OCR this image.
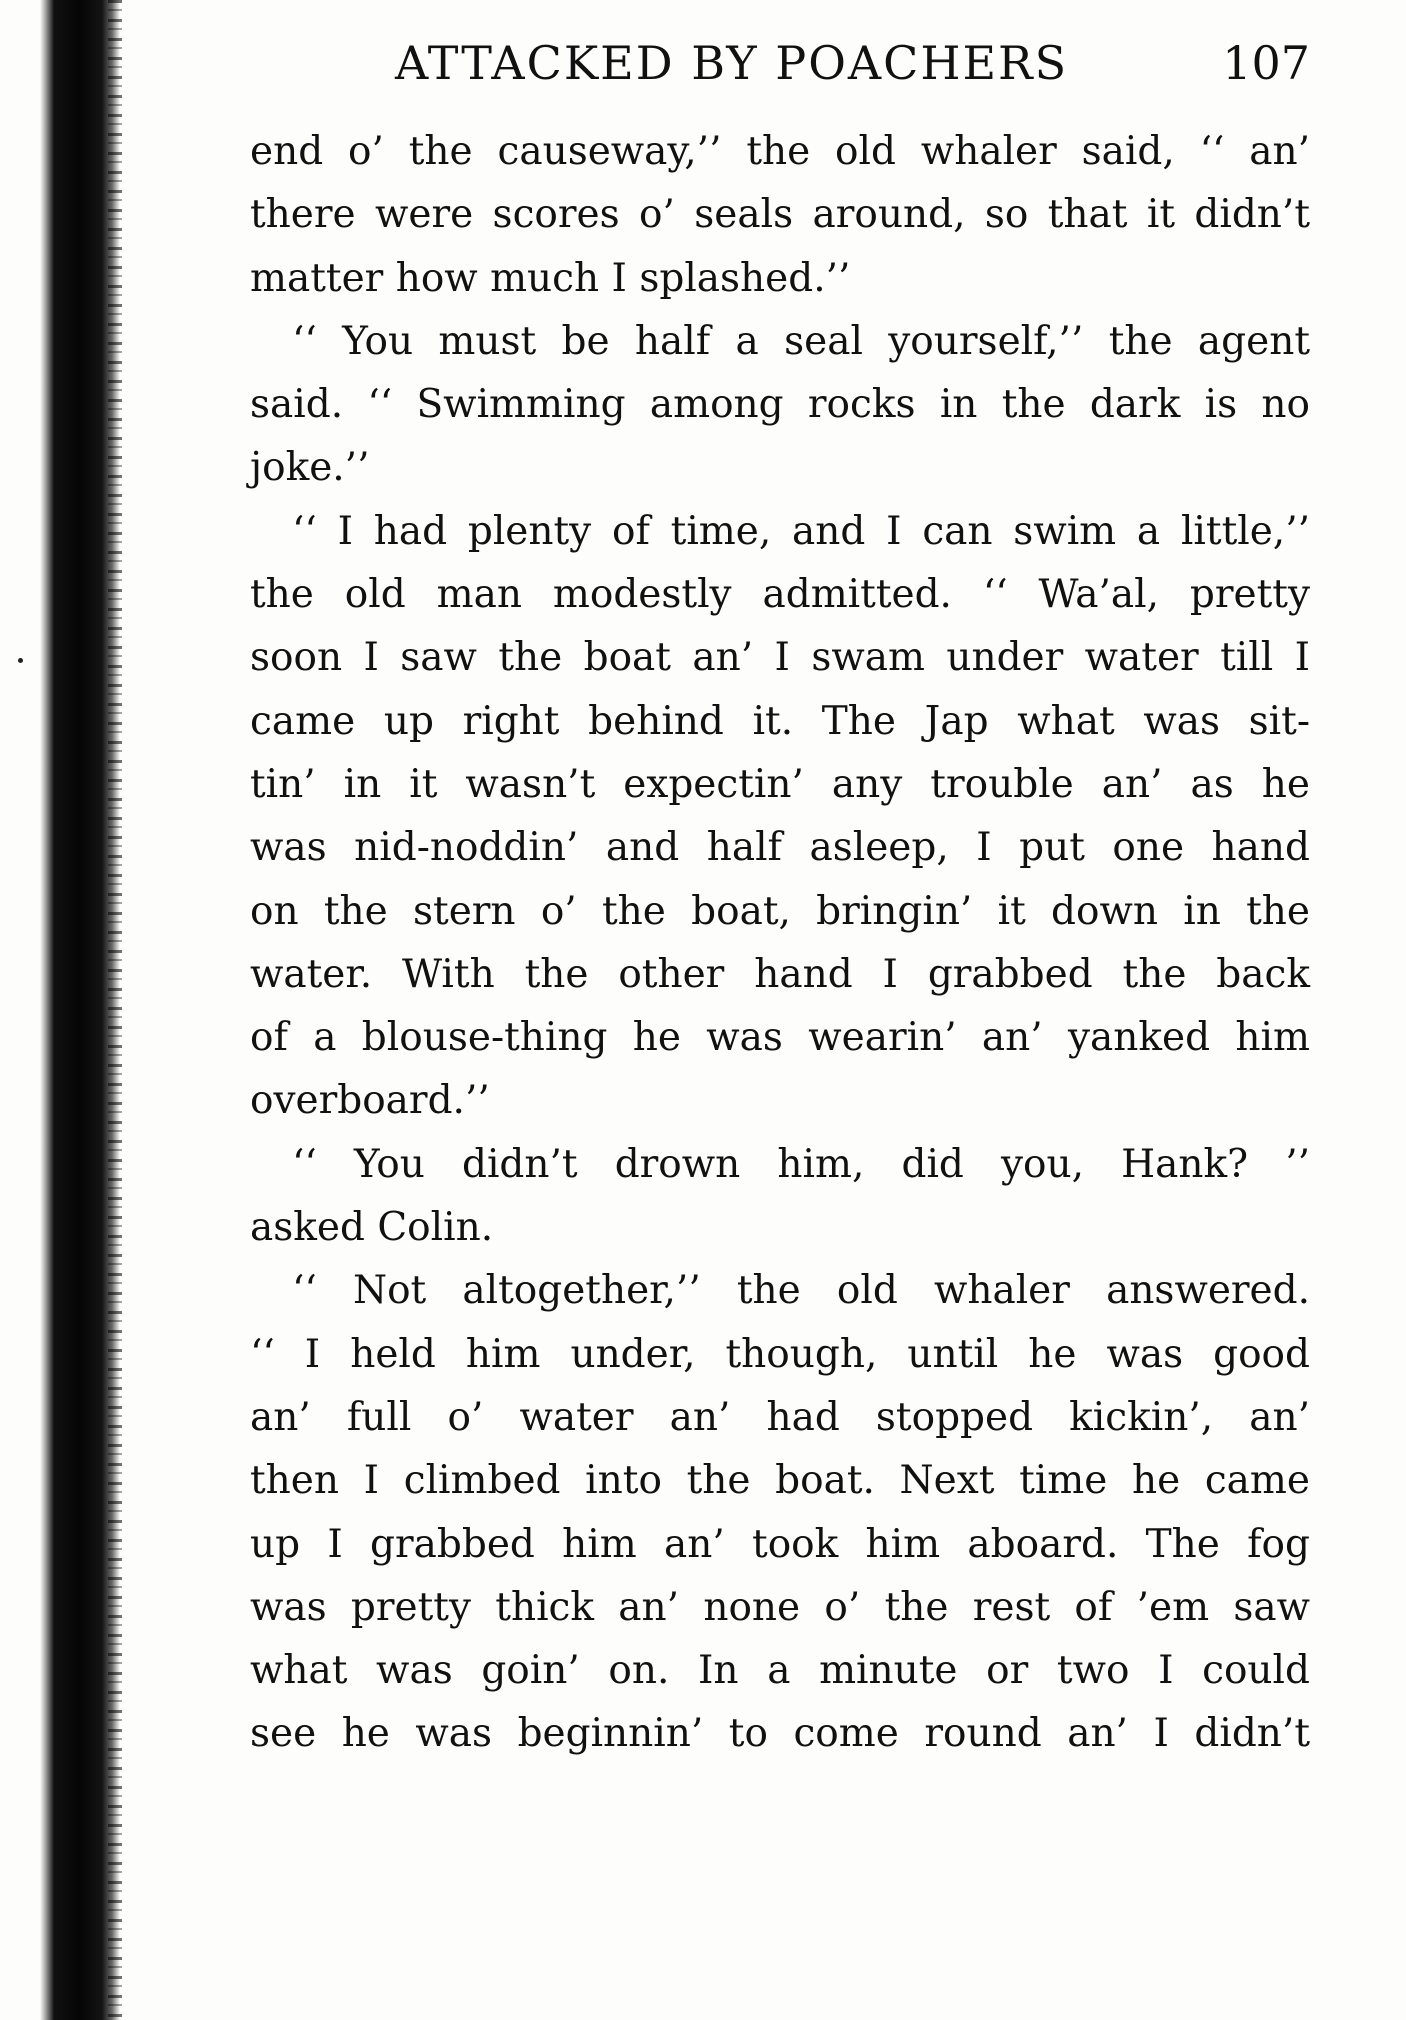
ATTACKED BY POACHERS	107
end o’ the causeway,’’ the old whaler said, ‘‘ an’
there were scores o’ seals around, so that it didn’t
matter how much I splashed.’’
‘‘ You must be half a seal yourself,’’ the agent
said. ‘‘ Swimming among rocks in the dark is no
joke.’’
‘‘ I had plenty of time, and I can swim a little,’’
the old man modestly admitted. ‘‘ Wa’al, pretty
soon I saw the boat an’ I swam under water till I
came up right behind it. The Jap what was sit-
tin’ in it wasn’t expectin’ any trouble an’ as he
was nid-noddin’ and half asleep, I put one hand
on the stern o’ the boat, bringin’ it down in the
water. With the other hand I grabbed the back
of a blouse-thing he was wearin’ an’ yanked him
overboard.’’
‘‘ You didn’t drown him, did you, Hank? ’’
asked Colin.
‘‘ Not altogether,’’ the old whaler answered.
‘‘ I held him under, though, until he was good
an’ full o’ water an’ had stopped kickin’, an’
then I climbed into the boat. Next time he came
up I grabbed him an’ took him aboard. The fog
was pretty thick an’ none o’ the rest of ’em saw
what was goin’ on. In a minute or two I could
see he was beginnin’ to come round an’ I didn’t
